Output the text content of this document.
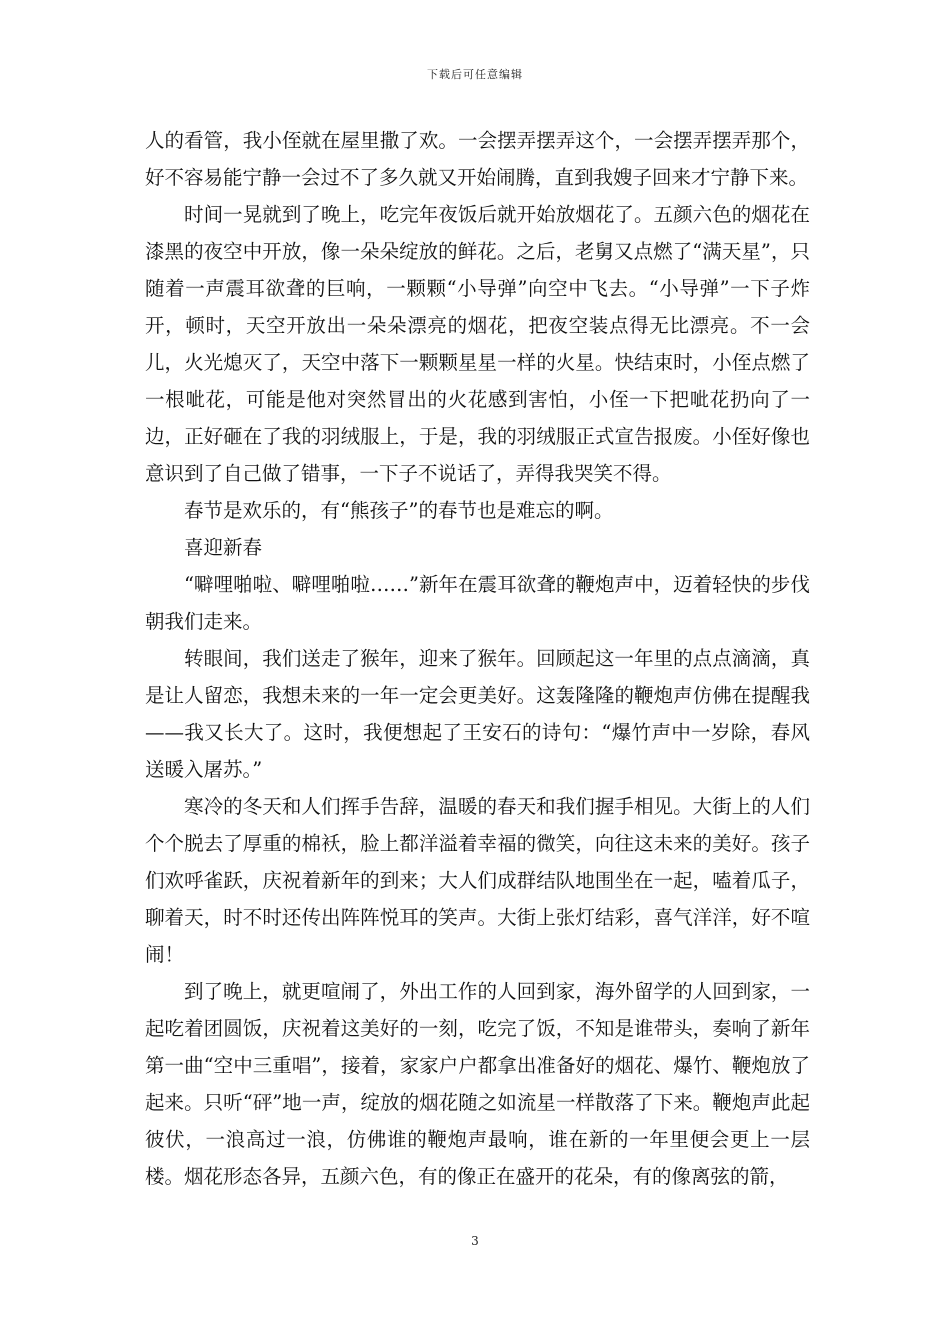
下载后可任意编辑

人的看管，我小侄就在屋里撒了欢。一会摆弄摆弄这个，一会摆弄摆弄那个，好不容易能宁静一会过不了多久就又开始闹腾，直到我嫂子回来才宁静下来。

时间一晃就到了晚上，吃完年夜饭后就开始放烟花了。五颜六色的烟花在漆黑的夜空中开放，像一朵朵绽放的鲜花。之后，老舅又点燃了“满天星”，只随着一声震耳欲聋的巨响，一颗颗“小导弹”向空中飞去。“小导弹”一下子炸开，顿时，天空开放出一朵朵漂亮的烟花，把夜空装点得无比漂亮。不一会儿，火光熄灭了，天空中落下一颗颗星星一样的火星。快结束时，小侄点燃了一根呲花，可能是他对突然冒出的火花感到害怕，小侄一下把呲花扔向了一边，正好砸在了我的羽绒服上，于是，我的羽绒服正式宣告报废。小侄好像也意识到了自己做了错事，一下子不说话了，弄得我哭笑不得。

春节是欢乐的，有“熊孩子”的春节也是难忘的啊。

喜迎新春

“噼哩啪啦、噼哩啪啦……”新年在震耳欲聋的鞭炮声中，迈着轻快的步伐朝我们走来。

转眼间，我们送走了猴年，迎来了猴年。回顾起这一年里的点点滴滴，真是让人留恋，我想未来的一年一定会更美好。这轰隆隆的鞭炮声仿佛在提醒我——我又长大了。这时，我便想起了王安石的诗句：“爆竹声中一岁除，春风送暖入屠苏。”

寒冷的冬天和人们挥手告辞，温暖的春天和我们握手相见。大街上的人们个个脱去了厚重的棉袄，脸上都洋溢着幸福的微笑，向往这未来的美好。孩子们欢呼雀跃，庆祝着新年的到来；大人们成群结队地围坐在一起，嗑着瓜子，聊着天，时不时还传出阵阵悦耳的笑声。大街上张灯结彩，喜气洋洋，好不喧闹！

到了晚上，就更喧闹了，外出工作的人回到家，海外留学的人回到家，一起吃着团圆饭，庆祝着这美好的一刻，吃完了饭，不知是谁带头，奏响了新年第一曲“空中三重唱”，接着，家家户户都拿出准备好的烟花、爆竹、鞭炮放了起来。只听“砰”地一声，绽放的烟花随之如流星一样散落了下来。鞭炮声此起彼伏，一浪高过一浪，仿佛谁的鞭炮声最响，谁在新的一年里便会更上一层楼。烟花形态各异，五颜六色，有的像正在盛开的花朵，有的像离弦的箭，

3
